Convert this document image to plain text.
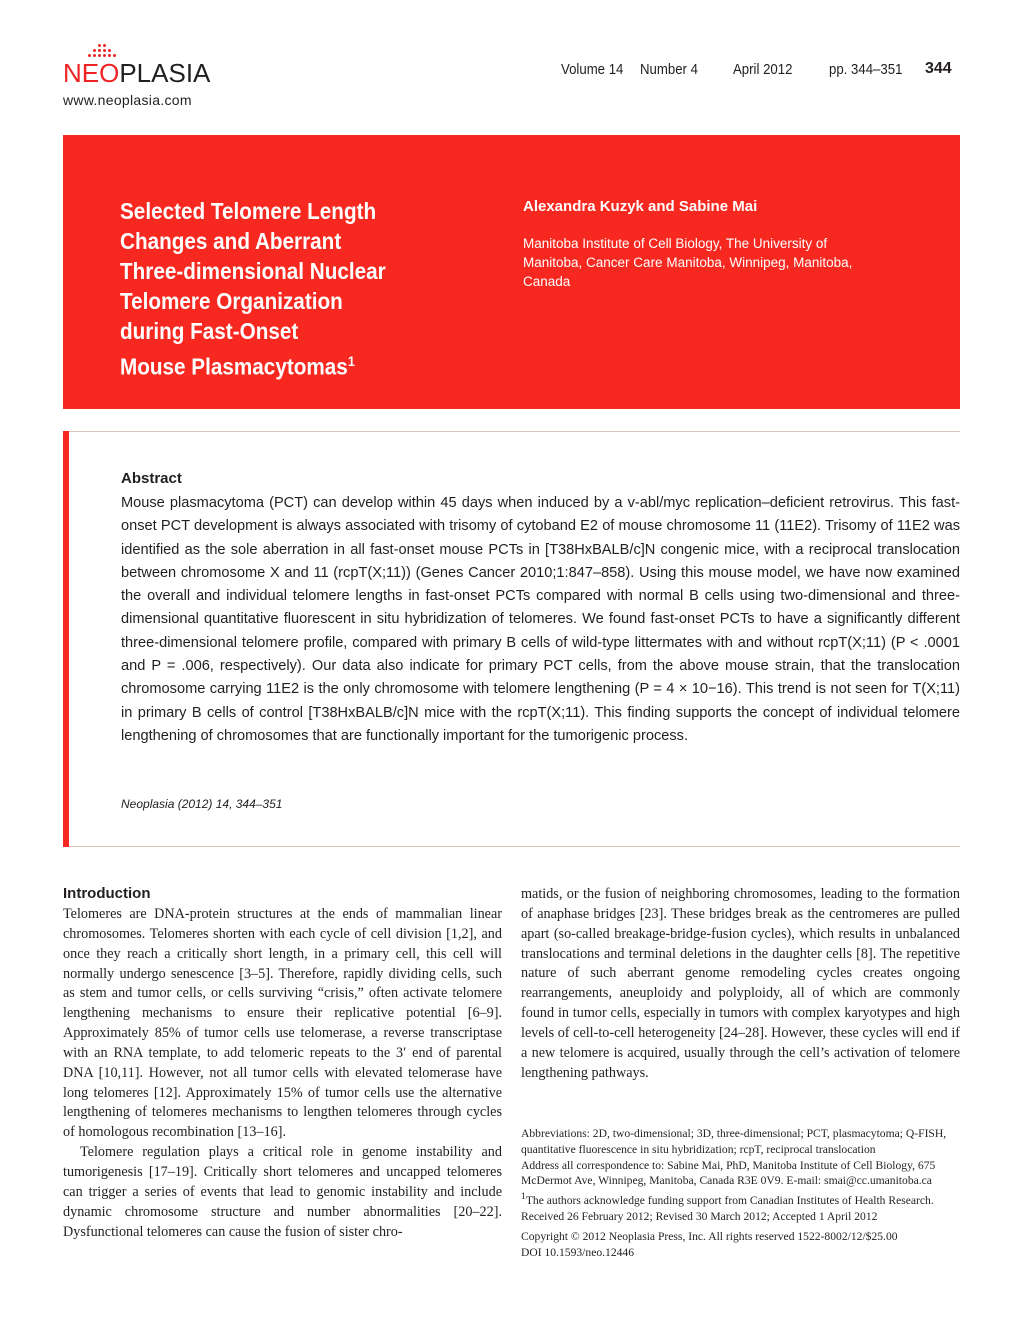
NEOPLASIA
www.neoplasia.com
Volume 14 Number 4 April 2012 pp. 344–351 344
Selected Telomere Length
Changes and Aberrant
Three-dimensional Nuclear
Telomere Organization
during Fast-Onset
Mouse Plasmacytomas$^1$
Alexandra Kuzyk and Sabine Mai
Manitoba Institute of Cell Biology, The University of Manitoba, Cancer Care Manitoba, Winnipeg, Manitoba, Canada
Abstract
Mouse plasmacytoma (PCT) can develop within 45 days when induced by a v-abl/myc replication–deficient retrovirus. This fast-onset PCT development is always associated with trisomy of cytoband E2 of mouse chromosome 11 (11E2). Trisomy of 11E2 was identified as the sole aberration in all fast-onset mouse PCTs in [T38HxBALB/c]N congenic mice, with a reciprocal translocation between chromosome X and 11 (rcpT(X;11)) (Genes Cancer 2010;1:847–858). Using this mouse model, we have now examined the overall and individual telomere lengths in fast-onset PCTs compared with normal B cells using two-dimensional and three-dimensional quantitative fluorescent in situ hybridization of telomeres. We found fast-onset PCTs to have a significantly different three-dimensional telomere profile, compared with primary B cells of wild-type littermates with and without rcpT(X;11) (P < .0001 and P = .006, respectively). Our data also indicate for primary PCT cells, from the above mouse strain, that the translocation chromosome carrying 11E2 is the only chromosome with telomere lengthening (P = 4 × 10−16). This trend is not seen for T(X;11) in primary B cells of control [T38HxBALB/c]N mice with the rcpT(X;11). This finding supports the concept of individual telomere lengthening of chromosomes that are functionally important for the tumorigenic process.
Neoplasia (2012) 14, 344–351
Introduction

Telomeres are DNA-protein structures at the ends of mammalian linear chromosomes. Telomeres shorten with each cycle of cell division [1,2], and once they reach a critically short length, in a primary cell, this cell will normally undergo senescence [3–5]. Therefore, rapidly dividing cells, such as stem and tumor cells, or cells surviving “crisis,” often activate telomere lengthening mechanisms to ensure their replicative potential [6–9]. Approximately 85% of tumor cells use telomerase, a reverse transcriptase with an RNA template, to add telomeric repeats to the 3′ end of parental DNA [10,11]. However, not all tumor cells with elevated telomerase have long telomeres [12]. Approximately 15% of tumor cells use the alternative lengthening of telomeres mechanisms to lengthen telomeres through cycles of homologous recombination [13–16].

Telomere regulation plays a critical role in genome instability and tumorigenesis [17–19]. Critically short telomeres and uncapped telomeres can trigger a series of events that lead to genomic instability and include dynamic chromosome structure and number abnormalities [20–22]. Dysfunctional telomeres can cause the fusion of sister chro-

matids, or the fusion of neighboring chromosomes, leading to the formation of anaphase bridges [23]. These bridges break as the centromeres are pulled apart (so-called breakage-bridge-fusion cycles), which results in unbalanced translocations and terminal deletions in the daughter cells [8]. The repetitive nature of such aberrant genome remodeling cycles creates ongoing rearrangements, aneuploidy and polyploidy, all of which are commonly found in tumor cells, especially in tumors with complex karyotypes and high levels of cell-to-cell heterogeneity [24–28]. However, these cycles will end if a new telomere is acquired, usually through the cell’s activation of telomere lengthening pathways.

Abbreviations: 2D, two-dimensional; 3D, three-dimensional; PCT, plasmacytoma; Q-FISH, quantitative fluorescence in situ hybridization; rcpT, reciprocal translocation

Address all correspondence to: Sabine Mai, PhD, Manitoba Institute of Cell Biology, 675 McDermot Ave, Winnipeg, Manitoba, Canada R3E 0V9. E-mail: smai@cc.umanitoba.ca

$^1$The authors acknowledge funding support from Canadian Institutes of Health Research.

Received 26 February 2012; Revised 30 March 2012; Accepted 1 April 2012

Copyright © 2012 Neoplasia Press, Inc. All rights reserved 1522-8002/12/$25.00

DOI 10.1593/neo.12446
